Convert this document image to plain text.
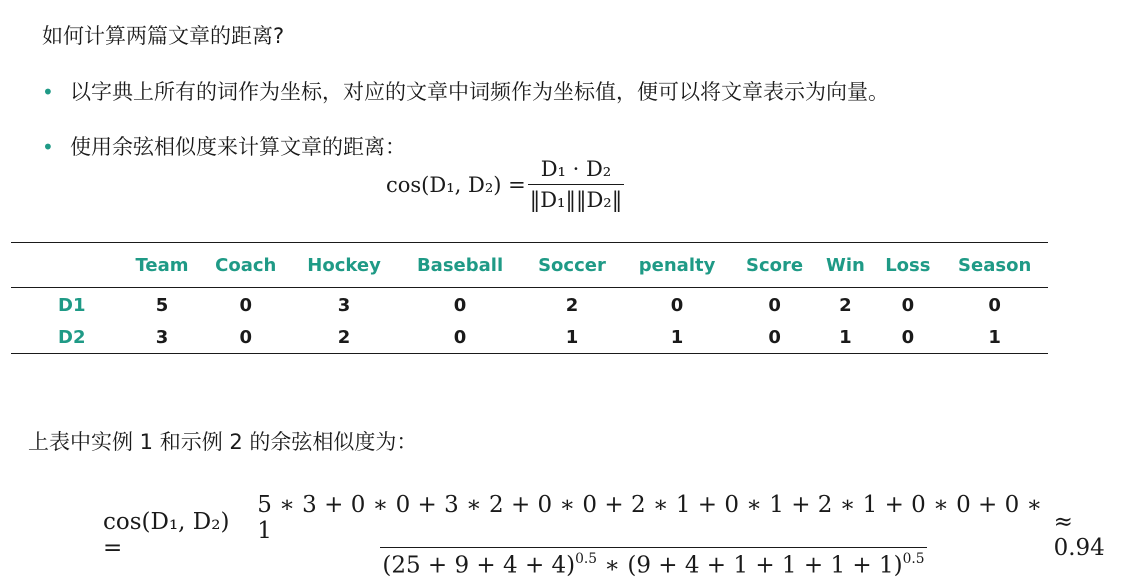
如何计算两篇文章的距离?
• 以字典上所有的词作为坐标，对应的文章中词频作为坐标值，便可以将文章表示为向量。
• 使用余弦相似度来计算文章的距离：
cos(D₁, $D_2) = \frac{\text{D₁ · D₂}}{\text{‖D₁‖‖D₂‖}}$
	Team	Coach	Hockey	Baseball	Soccer	penalty	Score	Win	Loss	Season
D1	5	0	3	0	2	0	0	2	0	0
D2	3	0	2	0	1	1	0	1	0	1
上表中实例 1 和示例 2 的余弦相似度为：
cos(D₁, D₂) =
5 ∗ 3 + 0 ∗ 0 + 3 ∗ 2 + 0 ∗ 0 + 2 ∗ 1 + 0 ∗ 1 + 2 ∗ 1 + 0 ∗ 0 + 0 ∗ 1
$(25 + 9 + 4 + 4)^{0.5}$ ∗ $(9 + 4 + 1 + 1 + 1 + 1)^{0.5}$
≈ 0.94
